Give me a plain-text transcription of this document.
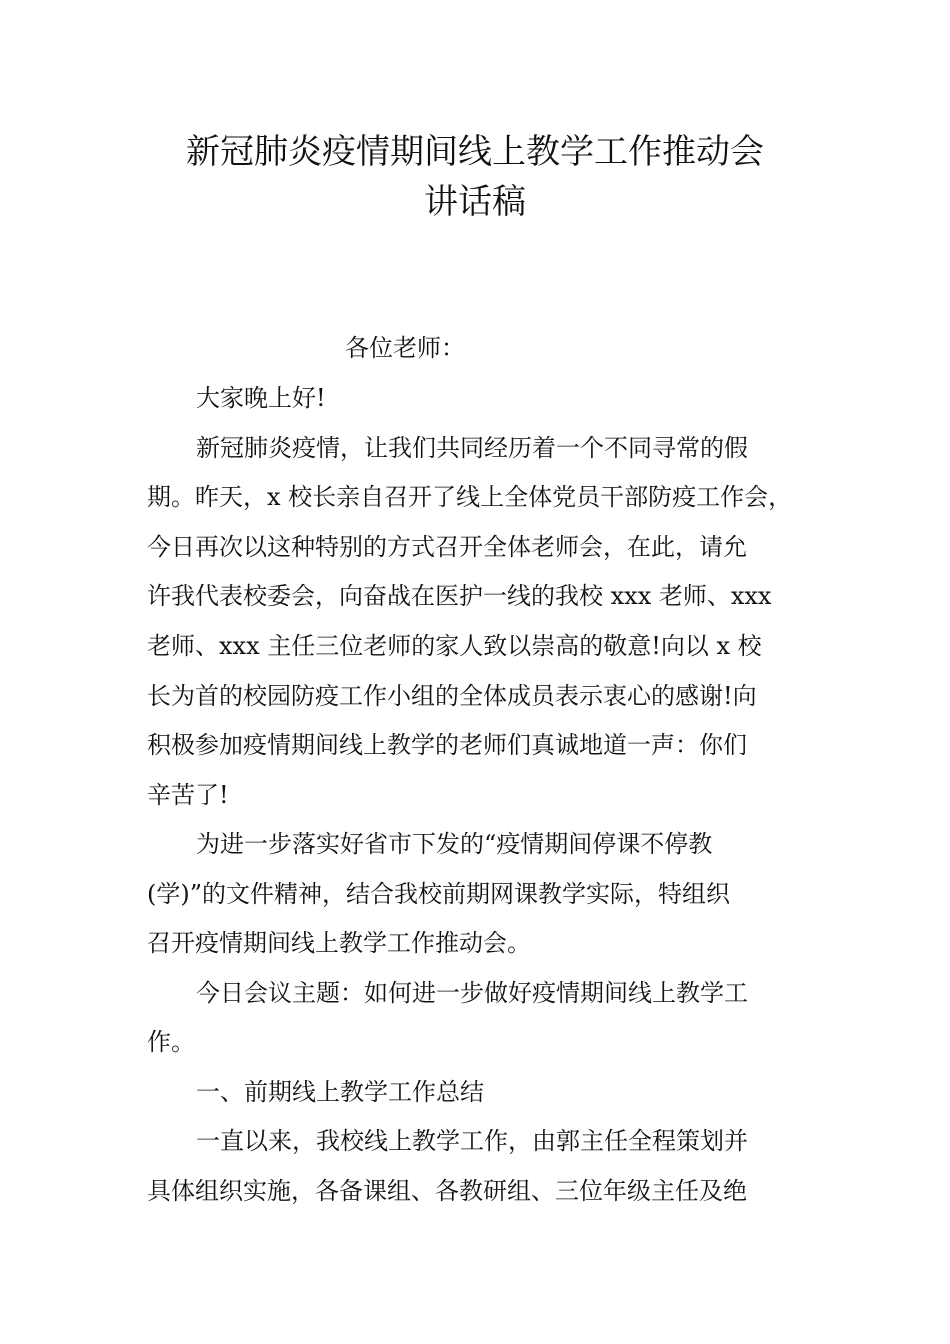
新冠肺炎疫情期间线上教学工作推动会
讲话稿

各位老师：

大家晚上好!

新冠肺炎疫情，让我们共同经历着一个不同寻常的假

期。昨天，x 校长亲自召开了线上全体党员干部防疫工作会，

今日再次以这种特别的方式召开全体老师会，在此，请允

许我代表校委会，向奋战在医护一线的我校 xxx 老师、xxx

老师、xxx 主任三位老师的家人致以崇高的敬意!向以 x 校

长为首的校园防疫工作小组的全体成员表示衷心的感谢!向

积极参加疫情期间线上教学的老师们真诚地道一声：你们

辛苦了!

为进一步落实好省市下发的“疫情期间停课不停教

(学)”的文件精神，结合我校前期网课教学实际，特组织

召开疫情期间线上教学工作推动会。

今日会议主题：如何进一步做好疫情期间线上教学工

作。

一、前期线上教学工作总结

一直以来，我校线上教学工作，由郭主任全程策划并

具体组织实施，各备课组、各教研组、三位年级主任及绝
